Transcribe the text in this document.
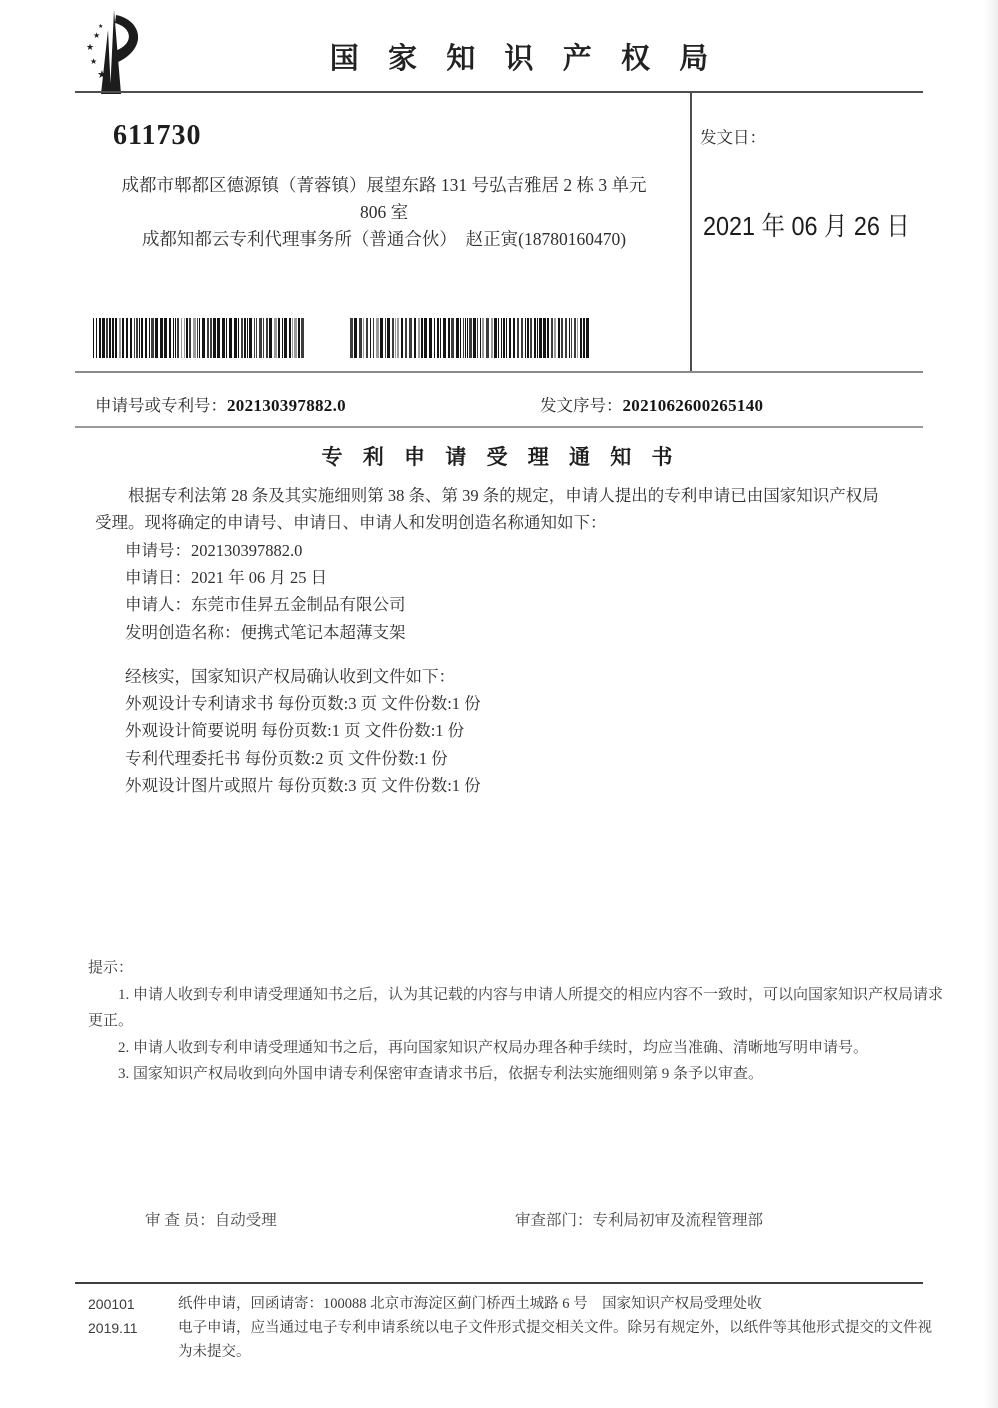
★
★
★
★
★	国 家 知 识 产 权 局
611730
成都市郫都区德源镇（菁蓉镇）展望东路 131 号弘吉雅居 2 栋 3 单元
806 室
成都知都云专利代理事务所（普通合伙）　赵正寅(18780160470)
发文日：
2021 年 06 月 26 日
申请号或专利号：202130397882.0	发文序号：2021062600265140
专 利 申 请 受 理 通 知 书
根据专利法第 28 条及其实施细则第 38 条、第 39 条的规定，申请人提出的专利申请已由国家知识产权局
受理。现将确定的申请号、申请日、申请人和发明创造名称通知如下：
申请号：202130397882.0
申请日：2021 年 06 月 25 日
申请人：东莞市佳昇五金制品有限公司
发明创造名称：便携式笔记本超薄支架
经核实，国家知识产权局确认收到文件如下：
外观设计专利请求书 每份页数:3 页 文件份数:1 份
外观设计简要说明 每份页数:1 页 文件份数:1 份
专利代理委托书 每份页数:2 页 文件份数:1 份
外观设计图片或照片 每份页数:3 页 文件份数:1 份
提示：

1. 申请人收到专利申请受理通知书之后，认为其记载的内容与申请人所提交的相应内容不一致时，可以向国家知识产权局请求更正。

2. 申请人收到专利申请受理通知书之后，再向国家知识产权局办理各种手续时，均应当准确、清晰地写明申请号。

3. 国家知识产权局收到向外国申请专利保密审查请求书后，依据专利法实施细则第 9 条予以审查。

审 查 员：自动受理	审查部门：专利局初审及流程管理部
200101
2019.11
纸件申请，回函请寄：100088 北京市海淀区蓟门桥西土城路 6 号　国家知识产权局受理处收
电子申请，应当通过电子专利申请系统以电子文件形式提交相关文件。除另有规定外，以纸件等其他形式提交的文件视为未提交。
